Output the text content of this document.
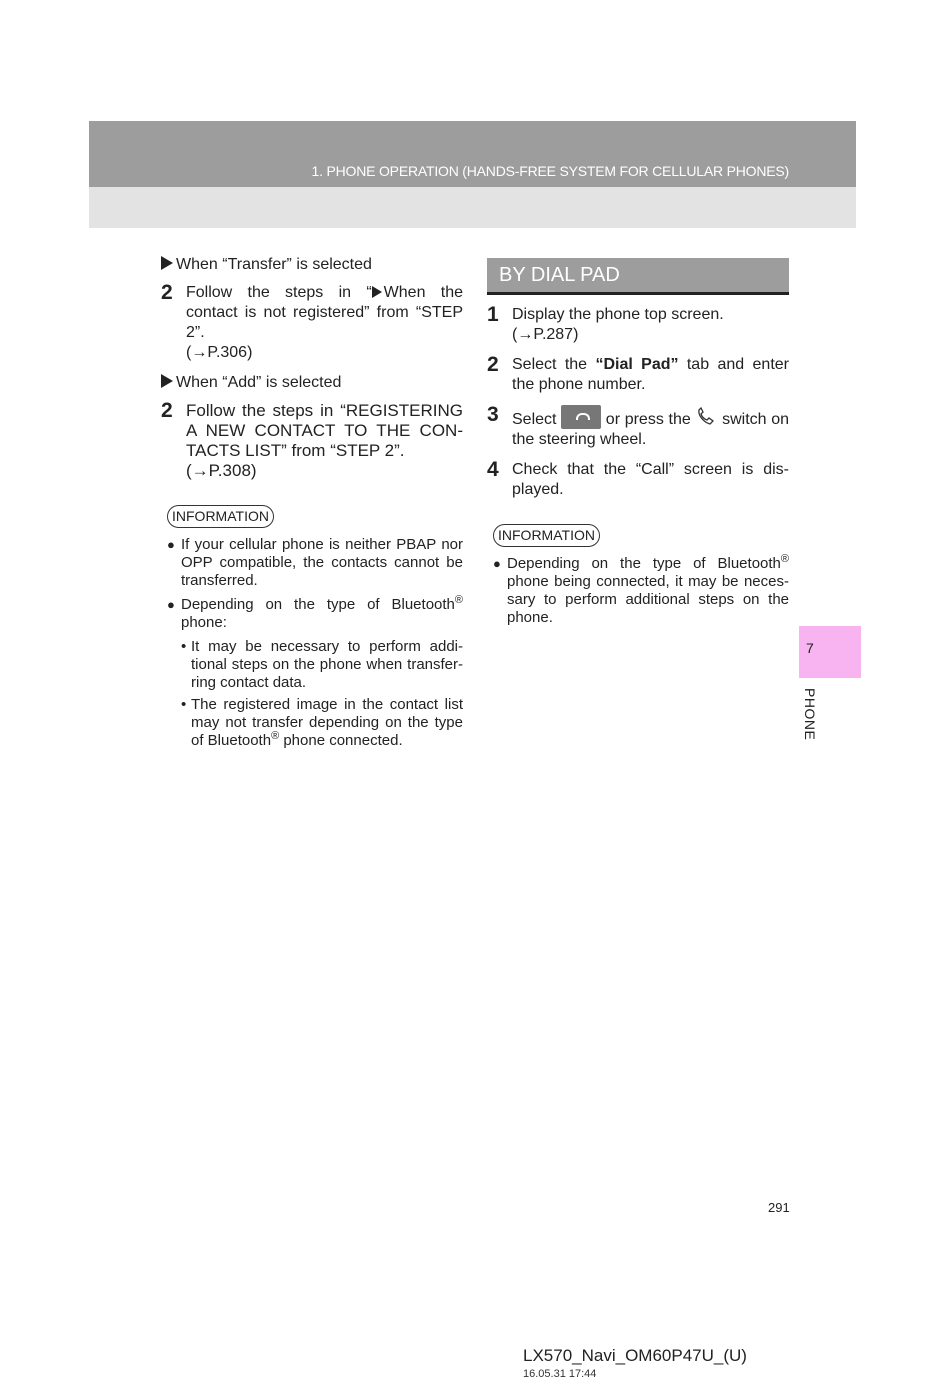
1. PHONE OPERATION (HANDS-FREE SYSTEM FOR CELLULAR PHONES)
7
PHONE
When “Transfer” is selected
2 Follow the steps in “ When the contact is not registered” from “STEP 2”.
(→P.306)
When “Add” is selected
2 Follow the steps in “REGISTERING A NEW CONTACT TO THE CON-TACTS LIST” from “STEP 2”.
(→P.308)
INFORMATION
● If your cellular phone is neither PBAP nor OPP compatible, the contacts cannot be transferred.
● Depending on the type of Bluetooth® phone:
• It may be necessary to perform addi-tional steps on the phone when transfer-ring contact data.
• The registered image in the contact list may not transfer depending on the type of Bluetooth® phone connected.
BY DIAL PAD
1 Display the phone top screen.
(→P.287)
2 Select the “Dial Pad” tab and enter the phone number.
3 Select	or press the  switch on the steering wheel.
4 Check that the “Call” screen is dis-played.
INFORMATION
● Depending on the type of Bluetooth® phone being connected, it may be neces-sary to perform additional steps on the phone.
291
LX570_Navi_OM60P47U_(U)
16.05.31 17:44
